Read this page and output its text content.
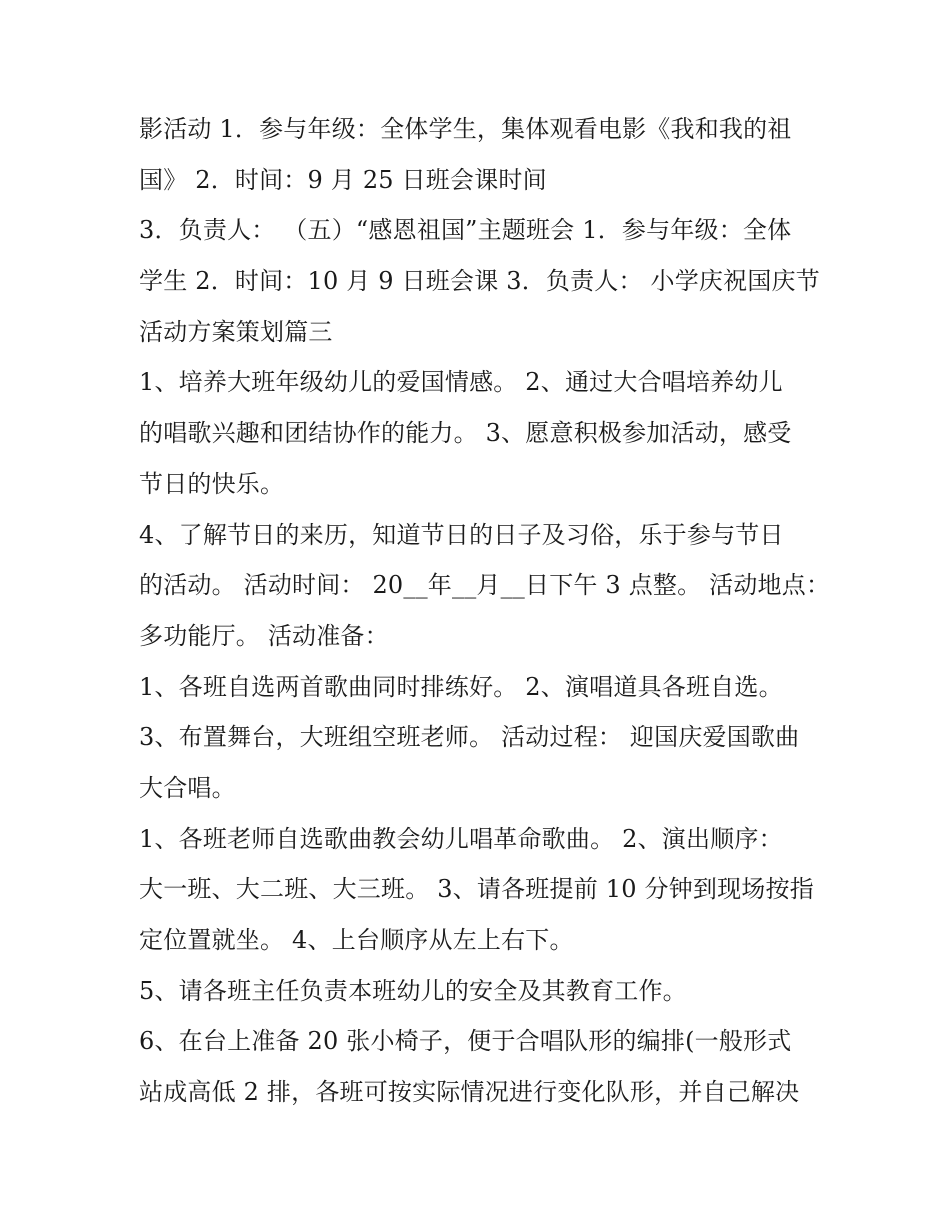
影活动 1．参与年级：全体学生，集体观看电影《我和我的祖
国》 2．时间：9 月 25 日班会课时间
3．负责人： （五）“感恩祖国”主题班会 1．参与年级：全体
学生 2．时间：10 月 9 日班会课 3．负责人： 小学庆祝国庆节
活动方案策划篇三
1、培养大班年级幼儿的爱国情感。 2、通过大合唱培养幼儿
的唱歌兴趣和团结协作的能力。 3、愿意积极参加活动，感受
节日的快乐。
4、了解节日的来历，知道节日的日子及习俗，乐于参与节日
的活动。 活动时间： 20__年__月__日下午 3 点整。 活动地点：
多功能厅。 活动准备：
1、各班自选两首歌曲同时排练好。 2、演唱道具各班自选。
3、布置舞台，大班组空班老师。 活动过程： 迎国庆爱国歌曲
大合唱。
1、各班老师自选歌曲教会幼儿唱革命歌曲。 2、演出顺序：
大一班、大二班、大三班。 3、请各班提前 10 分钟到现场按指
定位置就坐。 4、上台顺序从左上右下。
5、请各班主任负责本班幼儿的安全及其教育工作。
6、在台上准备 20 张小椅子，便于合唱队形的编排(一般形式
站成高低 2 排，各班可按实际情况进行变化队形，并自己解决
